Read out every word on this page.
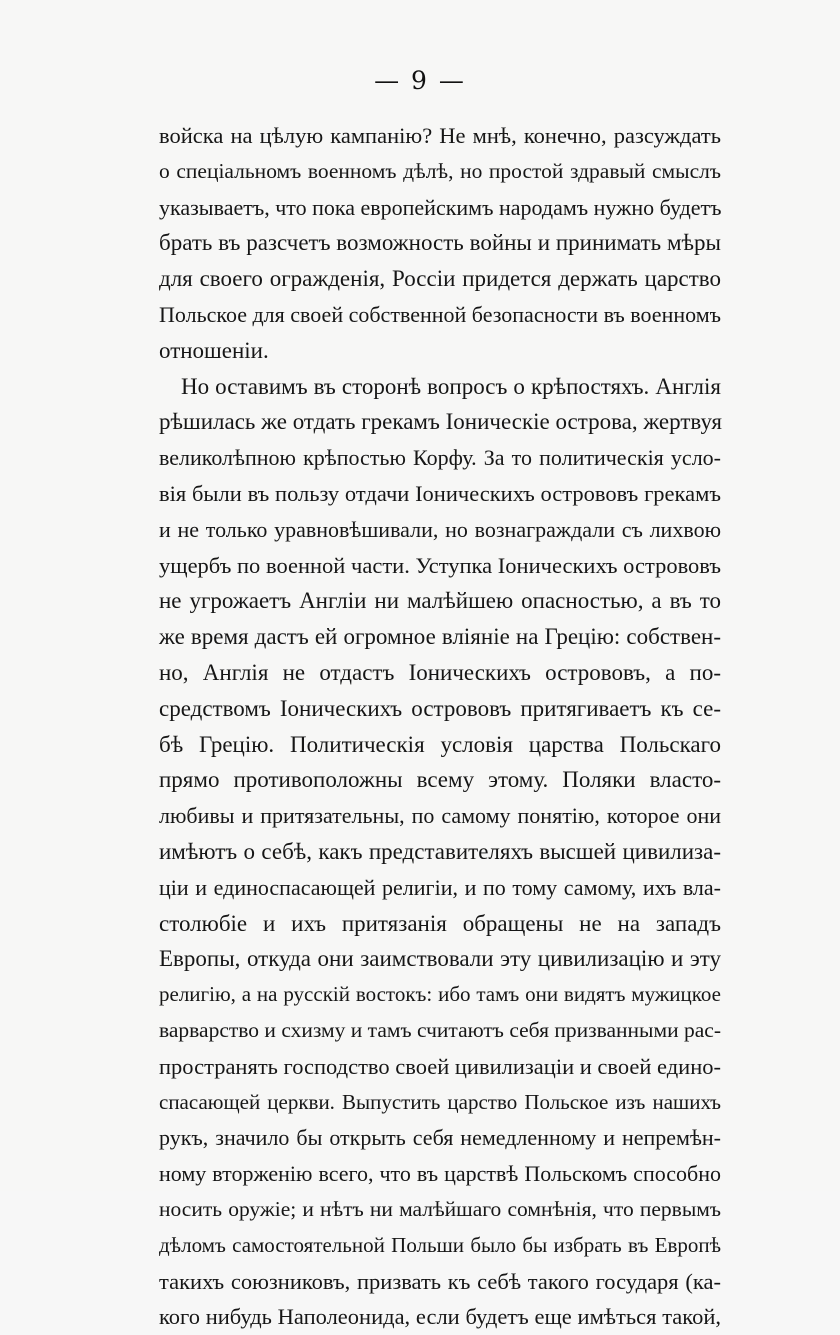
— 9 —
войска на цѣлую кампанію? Не мнѣ, конечно, разсуждать
о спеціальномъ военномъ дѣлѣ, но простой здравый смыслъ
указываетъ, что пока европейскимъ народамъ нужно будетъ
брать въ разсчетъ возможность войны и принимать мѣры
для своего огражденія, Россіи придется держать царство
Польское для своей собственной безопасности въ военномъ
отношеніи.
Но оставимъ въ сторонѣ вопросъ о крѣпостяхъ. Англія
рѣшилась же отдать грекамъ Іоническіе острова, жертвуя
великолѣпною крѣпостью Корфу. За то политическія усло-
вія были въ пользу отдачи Іоническихъ острововъ грекамъ
и не только уравновѣшивали, но вознаграждали съ лихвою
ущербъ по военной части. Уступка Іоническихъ острововъ
не угрожаетъ Англіи ни малѣйшею опасностью, а въ то
же время дастъ ей огромное вліяніе на Грецію: собствен-
но, Англія не отдастъ Іоническихъ острововъ, а по-
средствомъ Іоническихъ острововъ притягиваетъ къ се-
бѣ Грецію. Политическія условія царства Польскаго
прямо противоположны всему этому. Поляки власто-
любивы и притязательны, по самому понятію, которое они
имѣютъ о себѣ, какъ представителяхъ высшей цивилиза-
ціи и единоспасающей религіи, и по тому самому, ихъ вла-
столюбіе и ихъ притязанія обращены не на западъ
Европы, откуда они заимствовали эту цивилизацію и эту
религію, а на русскій востокъ: ибо тамъ они видятъ мужицкое
варварство и схизму и тамъ считаютъ себя призванными рас-
пространять господство своей цивилизаціи и своей едино-
спасающей церкви. Выпустить царство Польское изъ нашихъ
рукъ, значило бы открыть себя немедленному и непремѣн-
ному вторженію всего, что въ царствѣ Польскомъ способно
носить оружіе; и нѣтъ ни малѣйшаго сомнѣнія, что первымъ
дѣломъ самостоятельной Польши было бы избрать въ Европѣ
такихъ союзниковъ, призвать къ себѣ такого государя (ка-
кого нибудь Наполеонида, если будетъ еще имѣться такой,
